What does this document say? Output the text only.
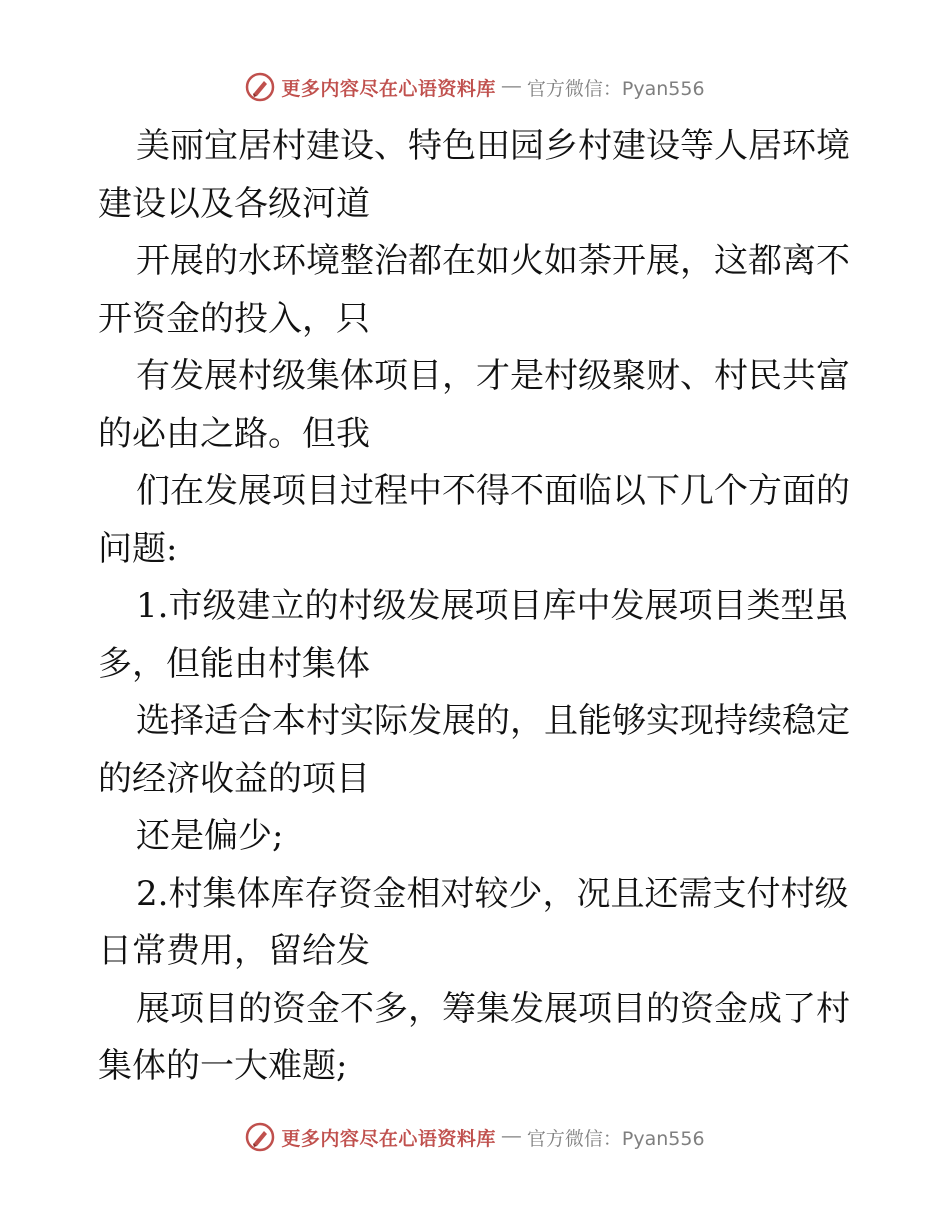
更多内容尽在心语资料库 — 官方微信：Pyan556
美丽宜居村建设、特色田园乡村建设等人居环境
建设以及各级河道
开展的水环境整治都在如火如荼开展，这都离不
开资金的投入，只
有发展村级集体项目，才是村级聚财、村民共富
的必由之路。但我
们在发展项目过程中不得不面临以下几个方面的
问题:
1.市级建立的村级发展项目库中发展项目类型虽
多，但能由村集体
选择适合本村实际发展的，且能够实现持续稳定
的经济收益的项目
还是偏少;
2.村集体库存资金相对较少，况且还需支付村级
日常费用，留给发
展项目的资金不多，筹集发展项目的资金成了村
集体的一大难题;
更多内容尽在心语资料库 — 官方微信：Pyan556
